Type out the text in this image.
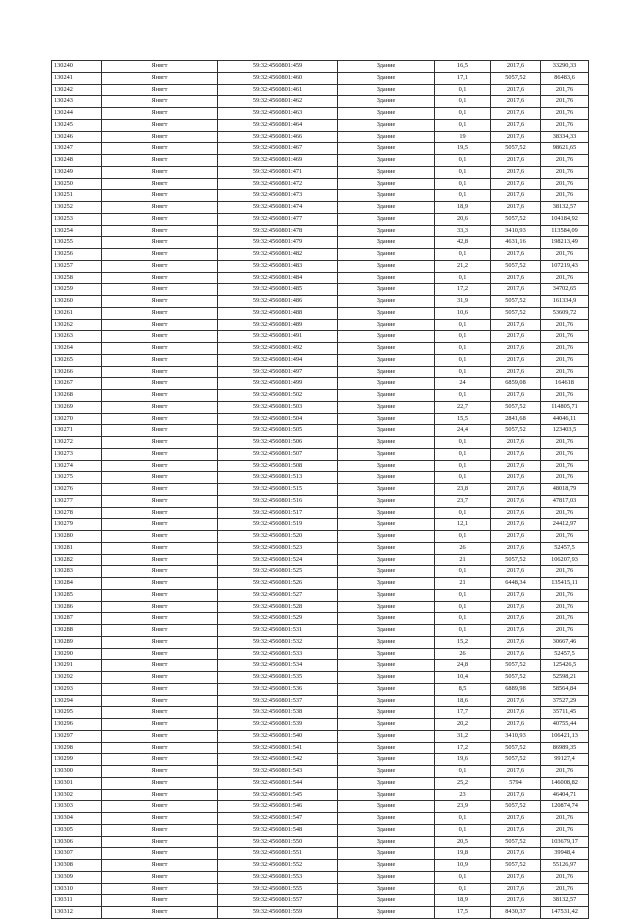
130240	Янвгт	59:32:4560801:459	Здание	16,5	2017,6	33290,33
130241	Янвгт	59:32:4560801:460	Здание	17,1	5057,52	86483,6
130242	Янвгт	59:32:4560801:461	Здание	0,1	2017,6	201,76
130243	Янвгт	59:32:4560801:462	Здание	0,1	2017,6	201,76
130244	Янвгт	59:32:4560801:463	Здание	0,1	2017,6	201,76
130245	Янвгт	59:32:4560801:464	Здание	0,1	2017,6	201,76
130246	Янвгт	59:32:4560801:466	Здание	19	2017,6	38334,33
130247	Янвгт	59:32:4560801:467	Здание	19,5	5057,52	98621,65
130248	Янвгт	59:32:4560801:469	Здание	0,1	2017,6	201,76
130249	Янвгт	59:32:4560801:471	Здание	0,1	2017,6	201,76
130250	Янвгт	59:32:4560801:472	Здание	0,1	2017,6	201,76
130251	Янвгт	59:32:4560801:473	Здание	0,1	2017,6	201,76
130252	Янвгт	59:32:4560801:474	Здание	18,9	2017,6	38132,57
130253	Янвгт	59:32:4560801:477	Здание	20,6	5057,52	104184,92
130254	Янвгт	59:32:4560801:478	Здание	33,3	3410,93	113584,09
130255	Янвгт	59:32:4560801:479	Здание	42,8	4631,16	198213,49
130256	Янвгт	59:32:4560801:482	Здание	0,1	2017,6	201,76
130257	Янвгт	59:32:4560801:483	Здание	21,2	5057,52	107219,43
130258	Янвгт	59:32:4560801:484	Здание	0,1	2017,6	201,76
130259	Янвгт	59:32:4560801:485	Здание	17,2	2017,6	34702,65
130260	Янвгт	59:32:4560801:486	Здание	31,9	5057,52	161334,9
130261	Янвгт	59:32:4560801:488	Здание	10,6	5057,52	53609,72
130262	Янвгт	59:32:4560801:489	Здание	0,1	2017,6	201,76
130263	Янвгт	59:32:4560801:491	Здание	0,1	2017,6	201,76
130264	Янвгт	59:32:4560801:492	Здание	0,1	2017,6	201,76
130265	Янвгт	59:32:4560801:494	Здание	0,1	2017,6	201,76
130266	Янвгт	59:32:4560801:497	Здание	0,1	2017,6	201,76
130267	Янвгт	59:32:4560801:499	Здание	24	6859,08	164618
130268	Янвгт	59:32:4560801:502	Здание	0,1	2017,6	201,76
130269	Янвгт	59:32:4560801:503	Здание	22,7	5057,52	114805,71
130270	Янвгт	59:32:4560801:504	Здание	15,5	2841,68	44046,11
130271	Янвгт	59:32:4560801:505	Здание	24,4	5057,52	123403,5
130272	Янвгт	59:32:4560801:506	Здание	0,1	2017,6	201,76
130273	Янвгт	59:32:4560801:507	Здание	0,1	2017,6	201,76
130274	Янвгт	59:32:4560801:508	Здание	0,1	2017,6	201,76
130275	Янвгт	59:32:4560801:513	Здание	0,1	2017,6	201,76
130276	Янвгт	59:32:4560801:515	Здание	23,8	2017,6	48018,79
130277	Янвгт	59:32:4560801:516	Здание	23,7	2017,6	47817,03
130278	Янвгт	59:32:4560801:517	Здание	0,1	2017,6	201,76
130279	Янвгт	59:32:4560801:519	Здание	12,1	2017,6	24412,97
130280	Янвгт	59:32:4560801:520	Здание	0,1	2017,6	201,76
130281	Янвгт	59:32:4560801:523	Здание	26	2017,6	52457,5
130282	Янвгт	59:32:4560801:524	Здание	21	5057,52	106207,93
130283	Янвгт	59:32:4560801:525	Здание	0,1	2017,6	201,76
130284	Янвгт	59:32:4560801:526	Здание	21	6448,34	135415,11
130285	Янвгт	59:32:4560801:527	Здание	0,1	2017,6	201,76
130286	Янвгт	59:32:4560801:528	Здание	0,1	2017,6	201,76
130287	Янвгт	59:32:4560801:529	Здание	0,1	2017,6	201,76
130288	Янвгт	59:32:4560801:531	Здание	0,1	2017,6	201,76
130289	Янвгт	59:32:4560801:532	Здание	15,2	2017,6	30667,46
130290	Янвгт	59:32:4560801:533	Здание	26	2017,6	52457,5
130291	Янвгт	59:32:4560801:534	Здание	24,8	5057,52	125426,5
130292	Янвгт	59:32:4560801:535	Здание	10,4	5057,52	52598,21
130293	Янвгт	59:32:4560801:536	Здание	8,5	6889,98	58564,84
130294	Янвгт	59:32:4560801:537	Здание	18,6	2017,6	37527,29
130295	Янвгт	59:32:4560801:538	Здание	17,7	2017,6	35711,45
130296	Янвгт	59:32:4560801:539	Здание	20,2	2017,6	40755,44
130297	Янвгт	59:32:4560801:540	Здание	31,2	3410,93	106421,13
130298	Янвгт	59:32:4560801:541	Здание	17,2	5057,52	86989,35
130299	Янвгт	59:32:4560801:542	Здание	19,6	5057,52	99127,4
130300	Янвгт	59:32:4560801:543	Здание	0,1	2017,6	201,76
130301	Янвгт	59:32:4560801:544	Здание	25,2	5794	146008,82
130302	Янвгт	59:32:4560801:545	Здание	23	2017,6	46404,71
130303	Янвгт	59:32:4560801:546	Здание	23,9	5057,52	120874,74
130304	Янвгт	59:32:4560801:547	Здание	0,1	2017,6	201,76
130305	Янвгт	59:32:4560801:548	Здание	0,1	2017,6	201,76
130306	Янвгт	59:32:4560801:550	Здание	20,5	5057,52	103679,17
130307	Янвгт	59:32:4560801:551	Здание	19,8	2017,6	39948,4
130308	Янвгт	59:32:4560801:552	Здание	10,9	5057,52	55126,97
130309	Янвгт	59:32:4560801:553	Здание	0,1	2017,6	201,76
130310	Янвгт	59:32:4560801:555	Здание	0,1	2017,6	201,76
130311	Янвгт	59:32:4560801:557	Здание	18,9	2017,6	38132,57
130312	Янвгт	59:32:4560801:559	Здание	17,5	8430,37	147531,42
